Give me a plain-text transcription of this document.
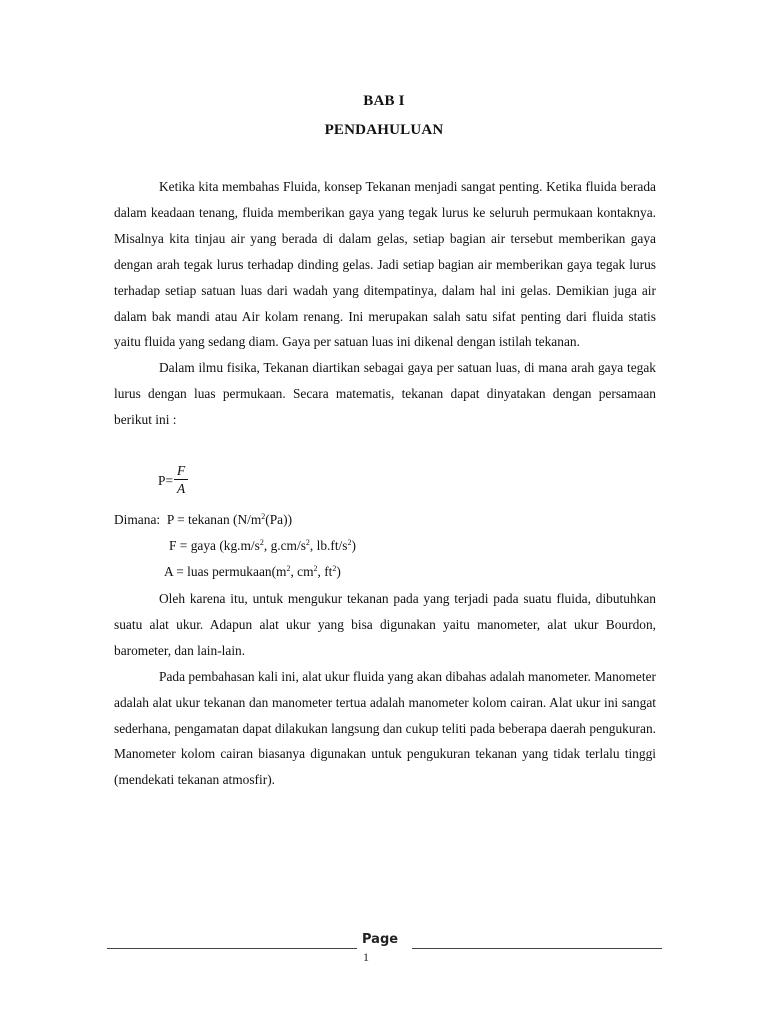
BAB I
PENDAHULUAN

Ketika kita membahas Fluida, konsep Tekanan menjadi sangat penting. Ketika fluida berada dalam keadaan tenang, fluida memberikan gaya yang tegak lurus ke seluruh permukaan kontaknya. Misalnya kita tinjau air yang berada di dalam gelas, setiap bagian air tersebut memberikan gaya dengan arah tegak lurus terhadap dinding gelas. Jadi setiap bagian air memberikan gaya tegak lurus terhadap setiap satuan luas dari wadah yang ditempatinya, dalam hal ini gelas. Demikian juga air dalam bak mandi atau Air kolam renang. Ini merupakan salah satu sifat penting dari fluida statis yaitu fluida yang sedang diam. Gaya per satuan luas ini dikenal dengan istilah tekanan.

Dalam ilmu fisika, Tekanan diartikan sebagai gaya per satuan luas, di mana arah gaya tegak lurus dengan luas permukaan. Secara matematis, tekanan dapat dinyatakan dengan persamaan berikut ini :

$P= \frac{F}{A}$
Dimana: P = tekanan $(N/m^2(Pa))$
F = gaya ($kg.m/s^2$, $g.cm/s^2$, $lb.ft/s^2$)
A = luas $permukaan(m^2$, $cm^2$, $ft^2$)

Oleh karena itu, untuk mengukur tekanan pada yang terjadi pada suatu fluida, dibutuhkan suatu alat ukur. Adapun alat ukur yang bisa digunakan yaitu manometer, alat ukur Bourdon, barometer, dan lain-lain.

Pada pembahasan kali ini, alat ukur fluida yang akan dibahas adalah manometer. Manometer adalah alat ukur tekanan dan manometer tertua adalah manometer kolom cairan. Alat ukur ini sangat sederhana, pengamatan dapat dilakukan langsung dan cukup teliti pada beberapa daerah pengukuran. Manometer kolom cairan biasanya digunakan untuk pengukuran tekanan yang tidak terlalu tinggi (mendekati tekanan atmosfir).

Page
1
